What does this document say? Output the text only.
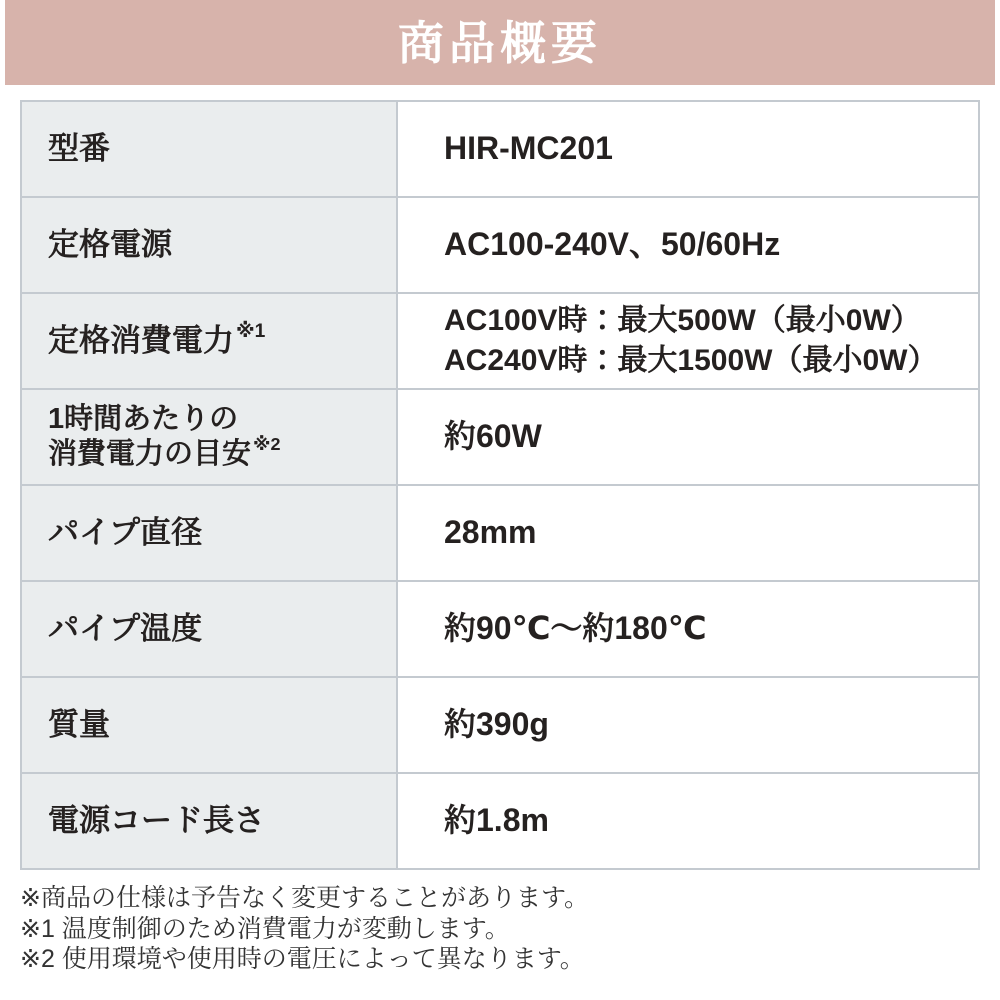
商品概要
型番	HIR-MC201

定格電源	AC100-240V、50/60Hz

定格消費電力 $^{※1}$	AC100V時：最大500W（最小0W）
AC240V時：最大1500W（最小0W）

1時間あたりの
消費電力の目安 $^{※2}$	約60W

パイプ直径	28mm

パイプ温度	約90℃～約180℃

質量	約390g

電源コード長さ	約1.8m
※商品の仕様は予告なく変更することがあります。
※1 温度制御のため消費電力が変動します。
※2 使用環境や使用時の電圧によって異なります。
